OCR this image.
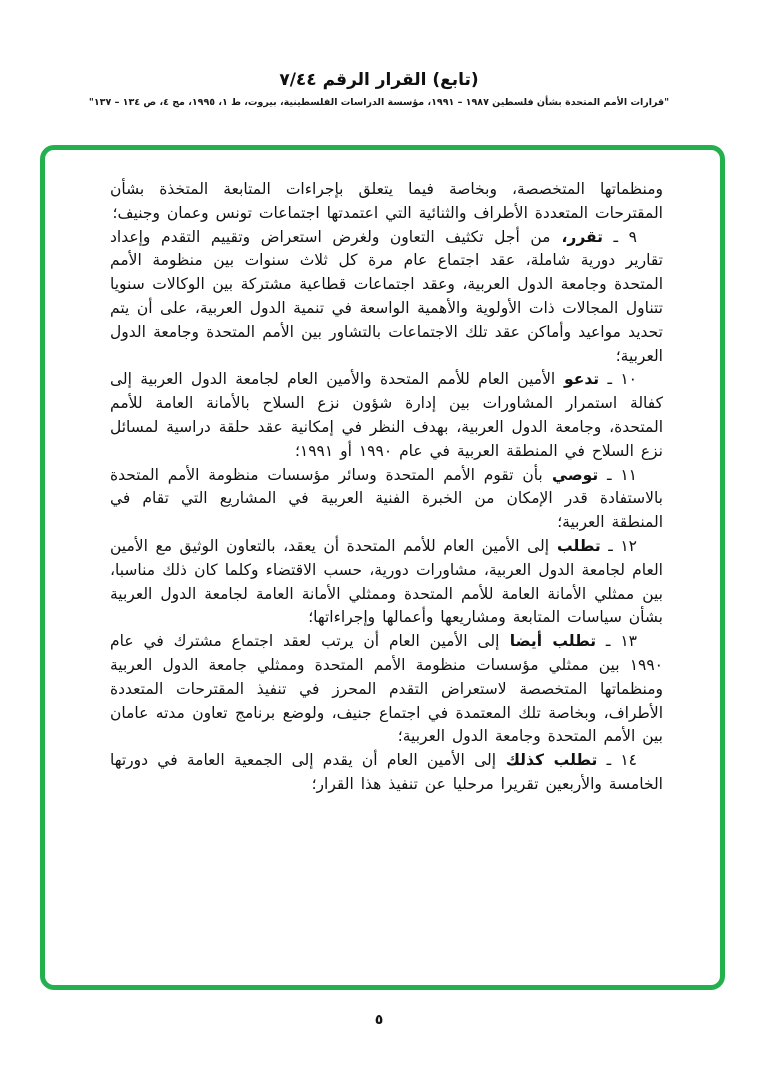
(تابع) القرار الرقم ٧/٤٤
"قرارات الأمم المتحدة بشأن فلسطين ١٩٨٧ – ١٩٩١، مؤسسة الدراسات الفلسطينية، بيروت، ط ١، ١٩٩٥، مج ٤، ص ١٣٤ – ١٣٧"

ومنظماتها المتخصصة، وبخاصة فيما يتعلق بإجراءات المتابعة المتخذة بشأن المقترحات المتعددة الأطراف والثنائية التي اعتمدتها اجتماعات تونس وعمان وجنيف؛

٩ ـ تقرر، من أجل تكثيف التعاون ولغرض استعراض وتقييم التقدم وإعداد تقارير دورية شاملة، عقد اجتماع عام مرة كل ثلاث سنوات بين منظومة الأمم المتحدة وجامعة الدول العربية، وعقد اجتماعات قطاعية مشتركة بين الوكالات سنويا تتناول المجالات ذات الأولوية والأهمية الواسعة في تنمية الدول العربية، على أن يتم تحديد مواعيد وأماكن عقد تلك الاجتماعات بالتشاور بين الأمم المتحدة وجامعة الدول العربية؛

١٠ ـ تدعو الأمين العام للأمم المتحدة والأمين العام لجامعة الدول العربية إلى كفالة استمرار المشاورات بين إدارة شؤون نزع السلاح بالأمانة العامة للأمم المتحدة، وجامعة الدول العربية، بهدف النظر في إمكانية عقد حلقة دراسية لمسائل نزع السلاح في المنطقة العربية في عام ١٩٩٠ أو ١٩٩١؛

١١ ـ توصي بأن تقوم الأمم المتحدة وسائر مؤسسات منظومة الأمم المتحدة بالاستفادة قدر الإمكان من الخبرة الفنية العربية في المشاريع التي تقام في المنطقة العربية؛

١٢ ـ تطلب إلى الأمين العام للأمم المتحدة أن يعقد، بالتعاون الوثيق مع الأمين العام لجامعة الدول العربية، مشاورات دورية، حسب الاقتضاء وكلما كان ذلك مناسبا، بين ممثلي الأمانة العامة للأمم المتحدة وممثلي الأمانة العامة لجامعة الدول العربية بشأن سياسات المتابعة ومشاريعها وأعمالها وإجراءاتها؛

١٣ ـ تطلب أيضا إلى الأمين العام أن يرتب لعقد اجتماع مشترك في عام ١٩٩٠ بين ممثلي مؤسسات منظومة الأمم المتحدة وممثلي جامعة الدول العربية ومنظماتها المتخصصة لاستعراض التقدم المحرز في تنفيذ المقترحات المتعددة الأطراف، وبخاصة تلك المعتمدة في اجتماع جنيف، ولوضع برنامج تعاون مدته عامان بين الأمم المتحدة وجامعة الدول العربية؛

١٤ ـ تطلب كذلك إلى الأمين العام أن يقدم إلى الجمعية العامة في دورتها الخامسة والأربعين تقريرا مرحليا عن تنفيذ هذا القرار؛

٥
